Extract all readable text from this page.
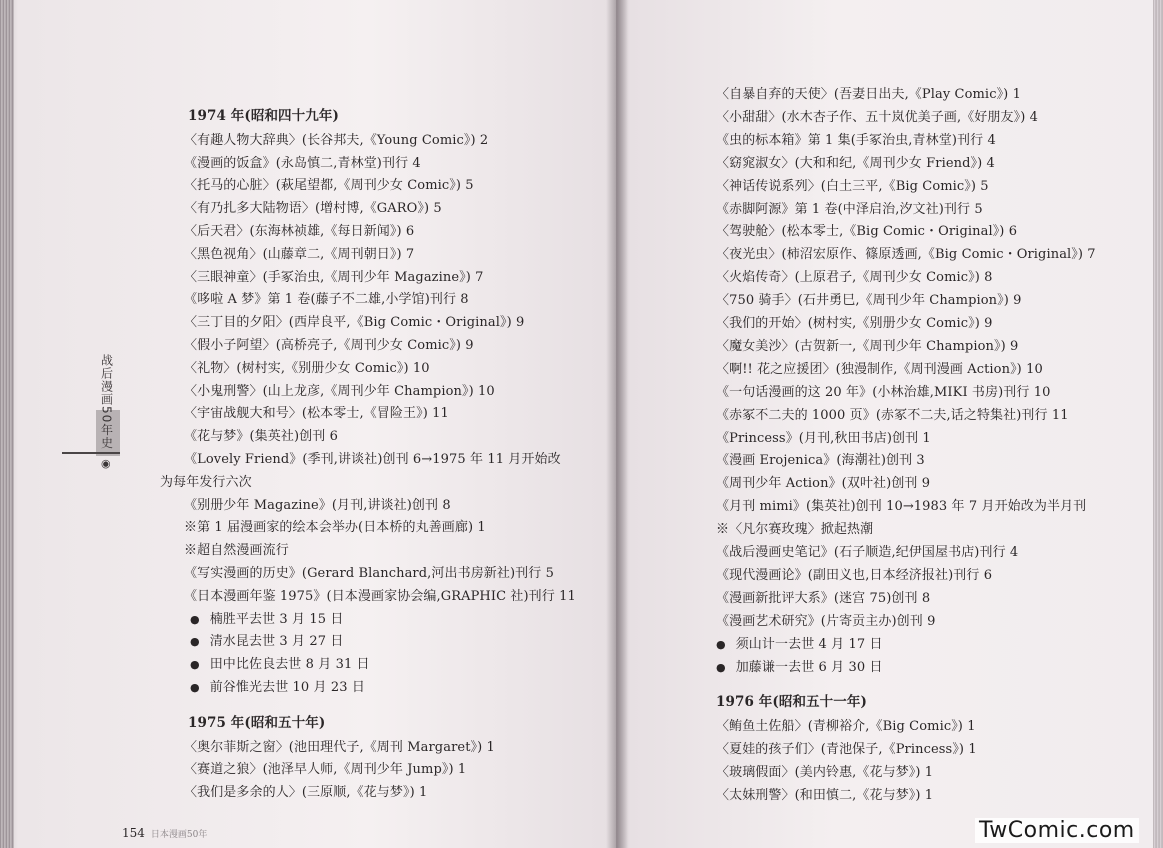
战后漫画50年史
◉
1974 年(昭和四十九年)
〈有趣人物大辞典〉(长谷邦夫,《Young Comic》) 2
《漫画的饭盒》(永岛慎二,青林堂)刊行 4
〈托马的心脏〉(萩尾望都,《周刊少女 Comic》) 5
〈有乃扎多大陆物语〉(增村博,《GARO》) 5
〈后天君〉(东海林祯雄,《每日新闻》) 6
〈黑色视角〉(山藤章二,《周刊朝日》) 7
〈三眼神童〉(手冢治虫,《周刊少年 Magazine》) 7
《哆啦 A 梦》第 1 卷(藤子不二雄,小学馆)刊行 8
〈三丁目的夕阳〉(西岸良平,《Big Comic・Original》) 9
〈假小子阿望〉(高桥亮子,《周刊少女 Comic》) 9
〈礼物〉(树村实,《别册少女 Comic》) 10
〈小鬼刑警〉(山上龙彦,《周刊少年 Champion》) 10
〈宇宙战舰大和号〉(松本零士,《冒险王》) 11
《花与梦》(集英社)创刊 6
《Lovely Friend》(季刊,讲谈社)创刊 6→1975 年 11 月开始改
为每年发行六次
《别册少年 Magazine》(月刊,讲谈社)创刊 8
※第 1 届漫画家的绘本会举办(日本桥的丸善画廊) 1
※超自然漫画流行
《写实漫画的历史》(Gerard Blanchard,河出书房新社)刊行 5
《日本漫画年鉴 1975》(日本漫画家协会编,GRAPHIC 社)刊行 11
● 楠胜平去世 3 月 15 日
● 清水昆去世 3 月 27 日
● 田中比佐良去世 8 月 31 日
● 前谷惟光去世 10 月 23 日
1975 年(昭和五十年)
〈奥尔菲斯之窗〉(池田理代子,《周刊 Margaret》) 1
〈赛道之狼〉(池泽早人师,《周刊少年 Jump》) 1
〈我们是多余的人〉(三原顺,《花与梦》) 1
〈自暴自弃的天使〉(吾妻日出夫,《Play Comic》) 1
〈小甜甜〉(水木杏子作、五十岚优美子画,《好朋友》) 4
《虫的标本箱》第 1 集(手冢治虫,青林堂)刊行 4
〈窈窕淑女〉(大和和纪,《周刊少女 Friend》) 4
〈神话传说系列〉(白土三平,《Big Comic》) 5
《赤脚阿源》第 1 卷(中泽启治,汐文社)刊行 5
〈驾驶舱〉(松本零士,《Big Comic・Original》) 6
〈夜光虫〉(柿沼宏原作、篠原透画,《Big Comic・Original》) 7
〈火焰传奇〉(上原君子,《周刊少女 Comic》) 8
〈750 骑手〉(石井勇巳,《周刊少年 Champion》) 9
〈我们的开始〉(树村实,《别册少女 Comic》) 9
〈魔女美沙〉(古贺新一,《周刊少年 Champion》) 9
〈啊!! 花之应援团〉(独漫制作,《周刊漫画 Action》) 10
《一句话漫画的这 20 年》(小林治雄,MIKI 书房)刊行 10
《赤冢不二夫的 1000 页》(赤冢不二夫,话之特集社)刊行 11
《Princess》(月刊,秋田书店)创刊 1
《漫画 Erojenica》(海潮社)创刊 3
《周刊少年 Action》(双叶社)创刊 9
《月刊 mimi》(集英社)创刊 10→1983 年 7 月开始改为半月刊
※〈凡尔赛玫瑰〉掀起热潮
《战后漫画史笔记》(石子顺造,纪伊国屋书店)刊行 4
《现代漫画论》(副田义也,日本经济报社)刊行 6
《漫画新批评大系》(迷宫 75)创刊 8
《漫画艺术研究》(片寄贡主办)创刊 9
● 须山计一去世 4 月 17 日
● 加藤谦一去世 6 月 30 日
1976 年(昭和五十一年)
〈鲔鱼土佐船〉(青柳裕介,《Big Comic》) 1
〈夏娃的孩子们〉(青池保子,《Princess》) 1
〈玻璃假面〉(美内铃惠,《花与梦》) 1
〈太妹刑警〉(和田慎二,《花与梦》) 1
154 日本漫画50年	TwComic.com
